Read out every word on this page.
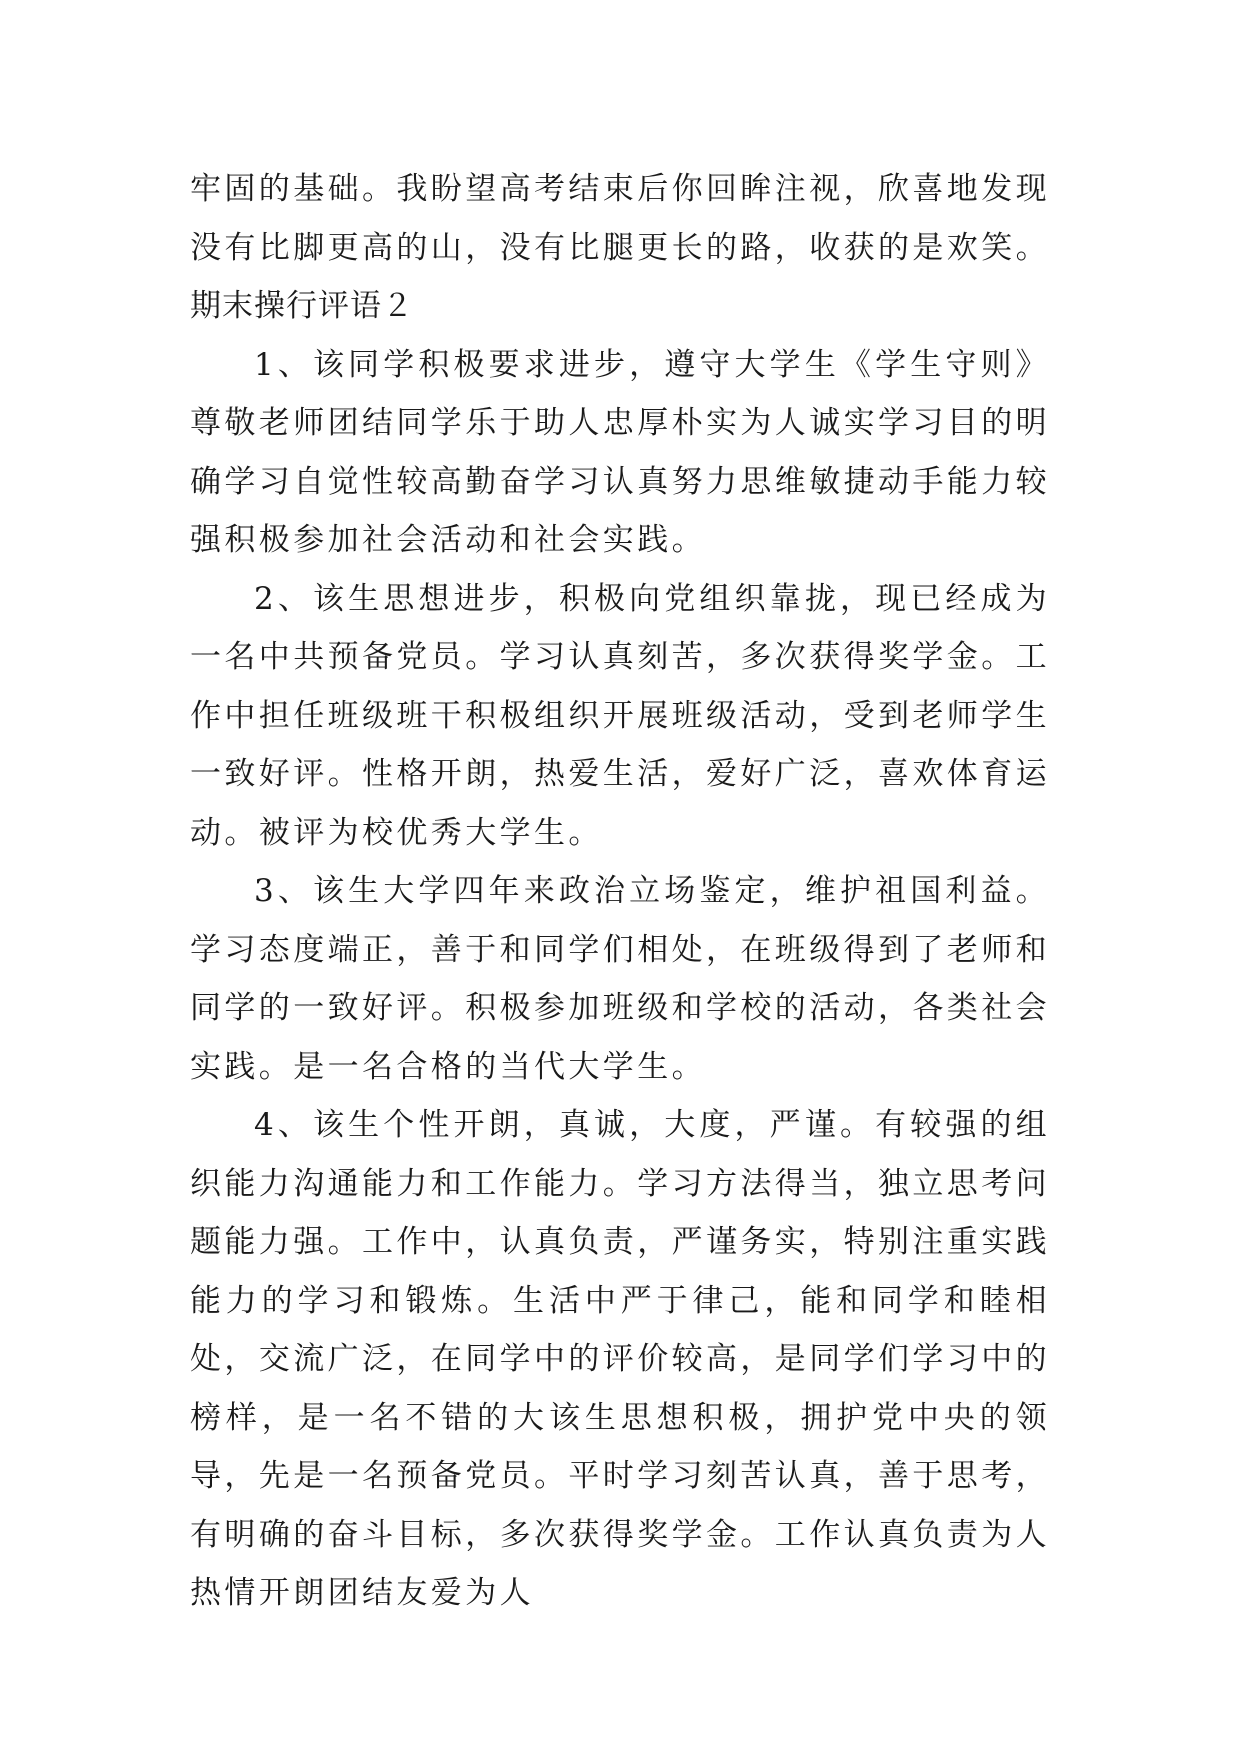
牢固的基础。我盼望高考结束后你回眸注视，欣喜地发现没有比脚更高的山，没有比腿更长的路，收获的是欢笑。

期末操行评语２

1、该同学积极要求进步，遵守大学生《学生守则》尊敬老师团结同学乐于助人忠厚朴实为人诚实学习目的明确学习自觉性较高勤奋学习认真努力思维敏捷动手能力较强积极参加社会活动和社会实践。

2、该生思想进步，积极向党组织靠拢，现已经成为一名中共预备党员。学习认真刻苦，多次获得奖学金。工作中担任班级班干积极组织开展班级活动，受到老师学生一致好评。性格开朗，热爱生活，爱好广泛，喜欢体育运动。被评为校优秀大学生。

3、该生大学四年来政治立场鉴定，维护祖国利益。学习态度端正，善于和同学们相处，在班级得到了老师和同学的一致好评。积极参加班级和学校的活动，各类社会实践。是一名合格的当代大学生。

4、该生个性开朗，真诚，大度，严谨。有较强的组织能力沟通能力和工作能力。学习方法得当，独立思考问题能力强。工作中，认真负责，严谨务实，特别注重实践能力的学习和锻炼。生活中严于律己，能和同学和睦相处，交流广泛，在同学中的评价较高，是同学们学习中的榜样，是一名不错的大该生思想积极，拥护党中央的领导，先是一名预备党员。平时学习刻苦认真，善于思考，有明确的奋斗目标，多次获得奖学金。工作认真负责为人热情开朗团结友爱为人
